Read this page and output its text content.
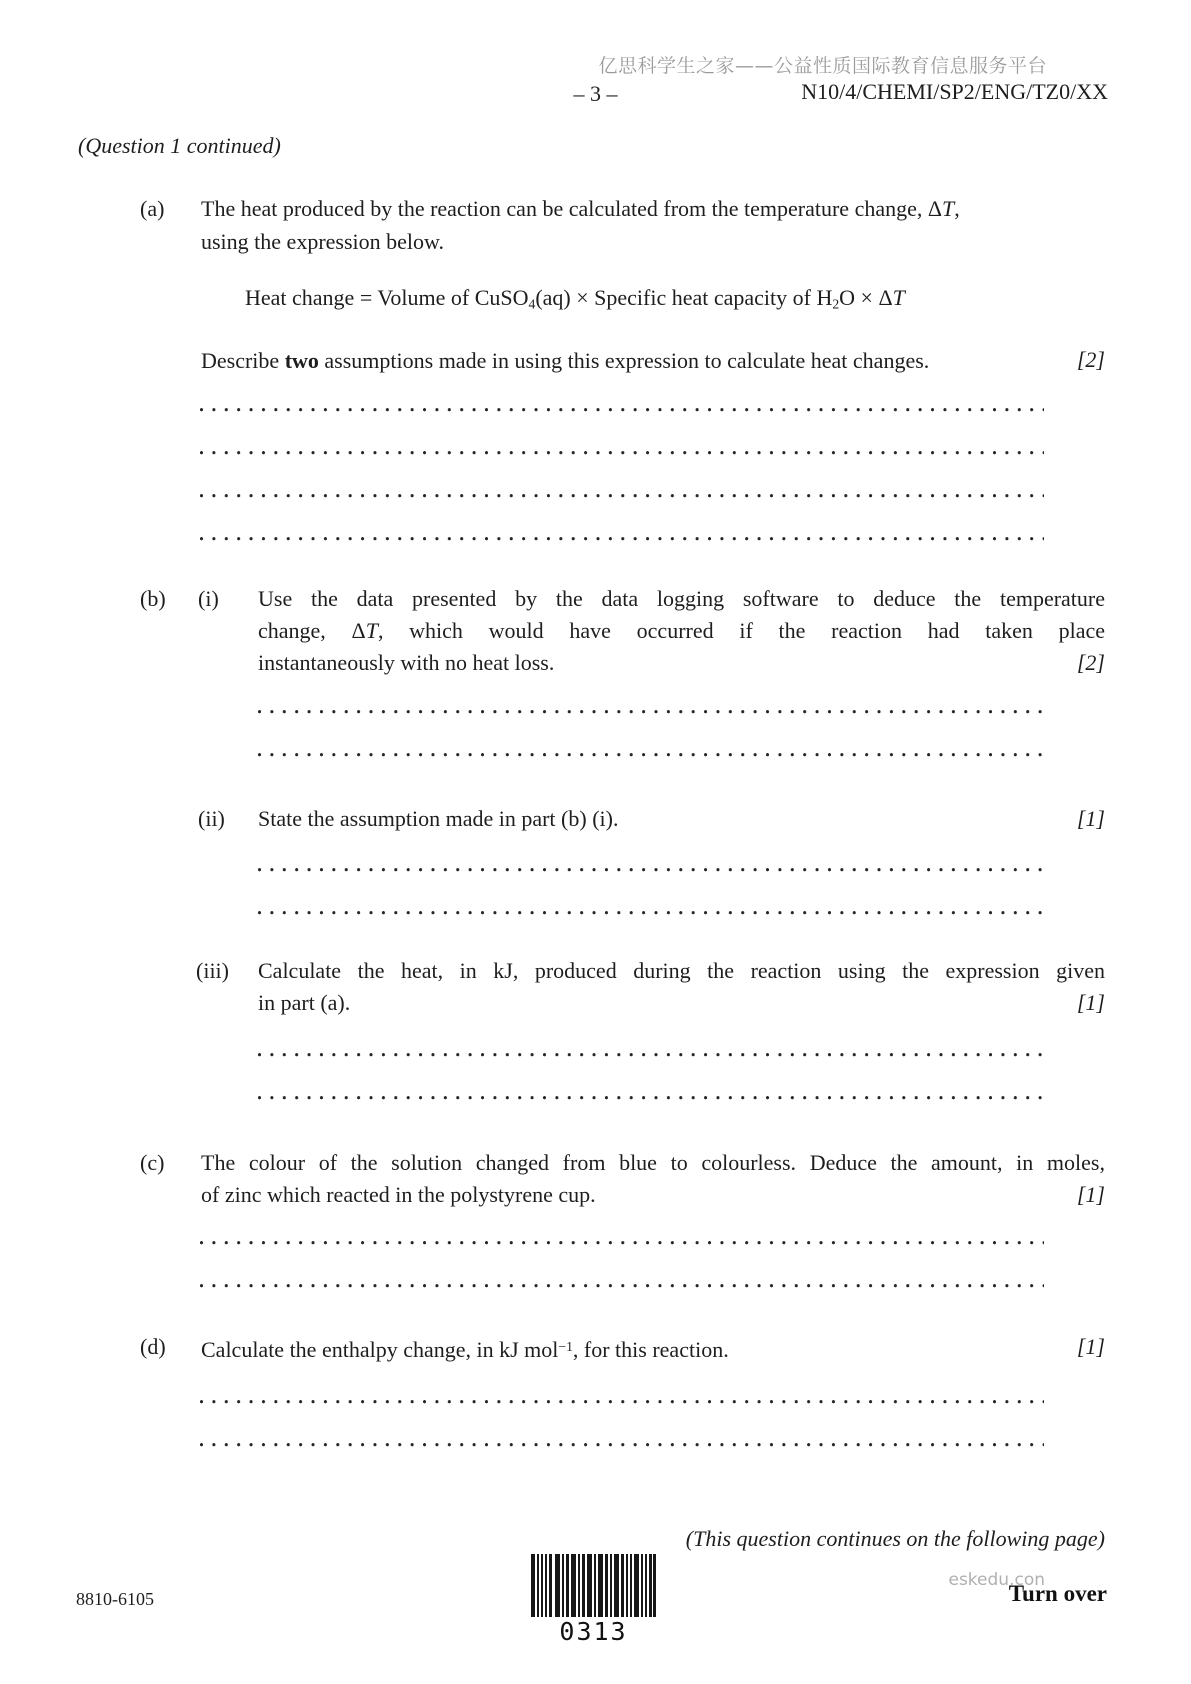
亿思科学生之家——公益性质国际教育信息服务平台
– 3 –	N10/4/CHEMI/SP2/ENG/TZ0/XX
(Question 1 continued)
(a) The heat produced by the reaction can be calculated from the temperature change, ΔT,
using the expression below.
Heat change = Volume of CuSO$_4$(aq) × Specific heat capacity of $H_2O \times \Delta T$
Describe two assumptions made in using this expression to calculate heat changes.	[2]
(b) (i) Use the data presented by the data logging software to deduce the temperature
change, ΔT, which would have occurred if the reaction had taken place
instantaneously with no heat loss.	[2]
(ii) State the assumption made in part (b) (i).	[1]
(iii) Calculate the heat, in kJ, produced during the reaction using the expression given
in part (a).	[1]
(c) The colour of the solution changed from blue to colourless. Deduce the amount, in moles,
of zinc which reacted in the polystyrene cup.	[1]
(d) Calculate the enthalpy change, in kJ mol$^{-1}$, for this reaction.	[1]
(This question continues on the following page)
8810-6105
0313
eskedu.con
Turn over
